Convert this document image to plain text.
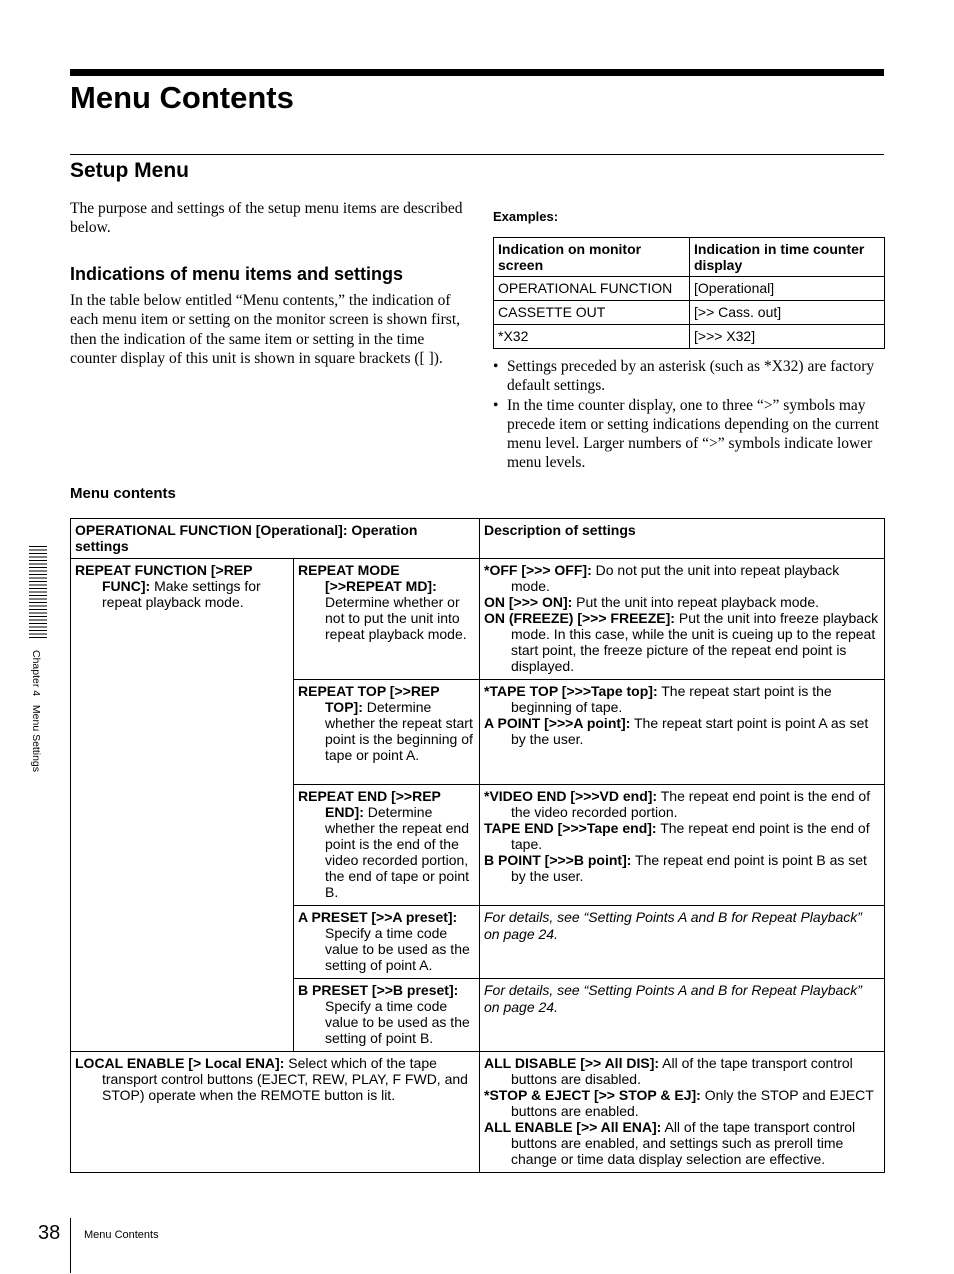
Menu Contents
Setup Menu

The purpose and settings of the setup menu items are described below.

Indications of menu items and settings

In the table below entitled “Menu contents,” the indication of each menu item or setting on the monitor screen is shown first, then the indication of the same item or setting in the time counter display of this unit is shown in square brackets ([ ]).

Examples:
Indication on monitor screen	Indication in time counter display
OPERATIONAL FUNCTION	[Operational]
CASSETTE OUT	[>> Cass. out]
*X32	[>>> X32]
• Settings preceded by an asterisk (such as *X32) are factory default settings.
• In the time counter display, one to three “>” symbols may precede item or setting indications depending on the current menu level. Larger numbers of “>” symbols indicate lower menu levels.
Menu contents
OPERATIONAL FUNCTION [Operational]: Operation settings		Description of settings

REPEAT FUNCTION [>REP FUNC]: Make settings for repeat playback mode.	REPEAT MODE [>>REPEAT MD]: Determine whether or not to put the unit into repeat playback mode.	*OFF [>>> OFF]: Do not put the unit into repeat playback mode.
ON [>>> ON]: Put the unit into repeat playback mode.
ON (FREEZE) [>>> FREEZE]: Put the unit into freeze playback mode. In this case, while the unit is cueing up to the repeat start point, the freeze picture of the repeat end point is displayed.

	REPEAT TOP [>>REP TOP]: Determine whether the repeat start point is the beginning of tape or point A.	*TAPE TOP [>>>Tape top]: The repeat start point is the beginning of tape.
A POINT [>>>A point]: The repeat start point is point A as set by the user.

	REPEAT END [>>REP END]: Determine whether the repeat end point is the end of the video recorded portion, the end of tape or point B.	*VIDEO END [>>>VD end]: The repeat end point is the end of the video recorded portion.
TAPE END [>>>Tape end]: The repeat end point is the end of tape.
B POINT [>>>B point]: The repeat end point is point B as set by the user.

	A PRESET [>>A preset]: Specify a time code value to be used as the setting of point A.	For details, see “Setting Points A and B for Repeat Playback” on page 24.

	B PRESET [>>B preset]: Specify a time code value to be used as the setting of point B.	For details, see “Setting Points A and B for Repeat Playback” on page 24.

LOCAL ENABLE [> Local ENA]: Select which of the tape transport control buttons (EJECT, REW, PLAY, F FWD, and STOP) operate when the REMOTE button is lit.		ALL DISABLE [>> All DIS]: All of the tape transport control buttons are disabled.
*STOP & EJECT [>> STOP & EJ]: Only the STOP and EJECT buttons are enabled.
ALL ENABLE [>> All ENA]: All of the tape transport control buttons are enabled, and settings such as preroll time change or time data display selection are effective.
Chapter 4   Menu Settings
38 Menu Contents
